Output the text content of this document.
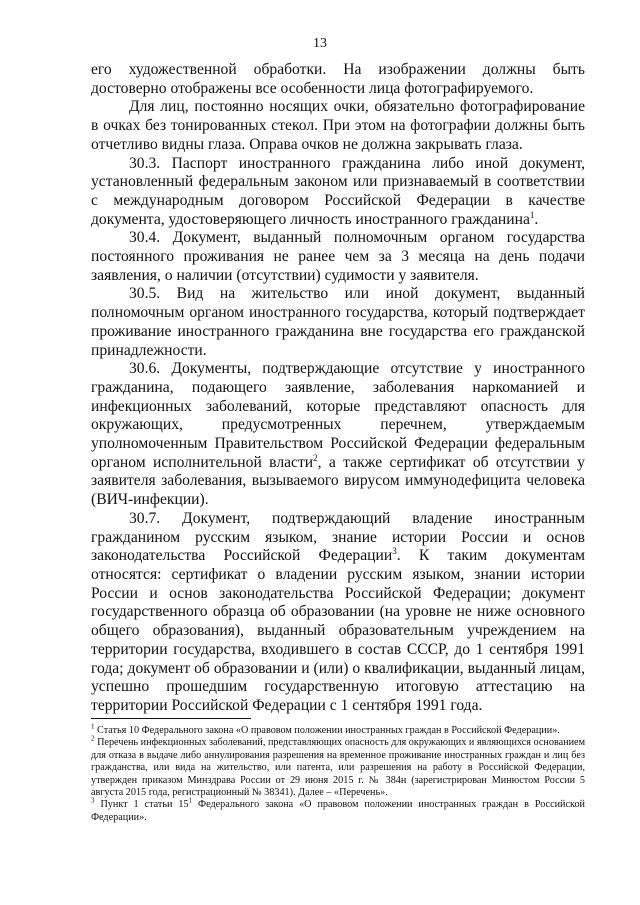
13

его художественной обработки. На изображении должны быть достоверно отображены все особенности лица фотографируемого.

Для лиц, постоянно носящих очки, обязательно фотографирование в очках без тонированных стекол. При этом на фотографии должны быть отчетливо видны глаза. Оправа очков не должна закрывать глаза.

30.3. Паспорт иностранного гражданина либо иной документ, установленный федеральным законом или признаваемый в соответствии с международным договором Российской Федерации в качестве документа, удостоверяющего личность иностранного гражданина$^1$.

30.4. Документ, выданный полномочным органом государства постоянного проживания не ранее чем за 3 месяца на день подачи заявления, о наличии (отсутствии) судимости у заявителя.

30.5. Вид на жительство или иной документ, выданный полномочным органом иностранного государства, который подтверждает проживание иностранного гражданина вне государства его гражданской принадлежности.

30.6. Документы, подтверждающие отсутствие у иностранного гражданина, подающего заявление, заболевания наркоманией и инфекционных заболеваний, которые представляют опасность для окружающих, предусмотренных перечнем, утверждаемым уполномоченным Правительством Российской Федерации федеральным органом исполнительной власти$^2$, а также сертификат об отсутствии у заявителя заболевания, вызываемого вирусом иммунодефицита человека (ВИЧ-инфекции).

30.7. Документ, подтверждающий владение иностранным гражданином русским языком, знание истории России и основ законодательства Российской Федерации$^3$. К таким документам относятся: сертификат о владении русским языком, знании истории России и основ законодательства Российской Федерации; документ государственного образца об образовании (на уровне не ниже основного общего образования), выданный образовательным учреждением на территории государства, входившего в состав СССР, до 1 сентября 1991 года; документ об образовании и (или) о квалификации, выданный лицам, успешно прошедшим государственную итоговую аттестацию на территории Российской Федерации с 1 сентября 1991 года.

$^1$ Статья 10 Федерального закона «О правовом положении иностранных граждан в Российской Федерации».

$^2$ Перечень инфекционных заболеваний, представляющих опасность для окружающих и являющихся основанием для отказа в выдаче либо аннулирования разрешения на временное проживание иностранных граждан и лиц без гражданства, или вида на жительство, или патента, или разрешения на работу в Российской Федерации, утвержден приказом Минздрава России от 29 июня 2015 г. № 384н (зарегистрирован Минюстом России 5 августа 2015 года, регистрационный № 38341). Далее – «Перечень».

$^3$ Пункт 1 статьи $15^1$ Федерального закона «О правовом положении иностранных граждан в Российской Федерации».
